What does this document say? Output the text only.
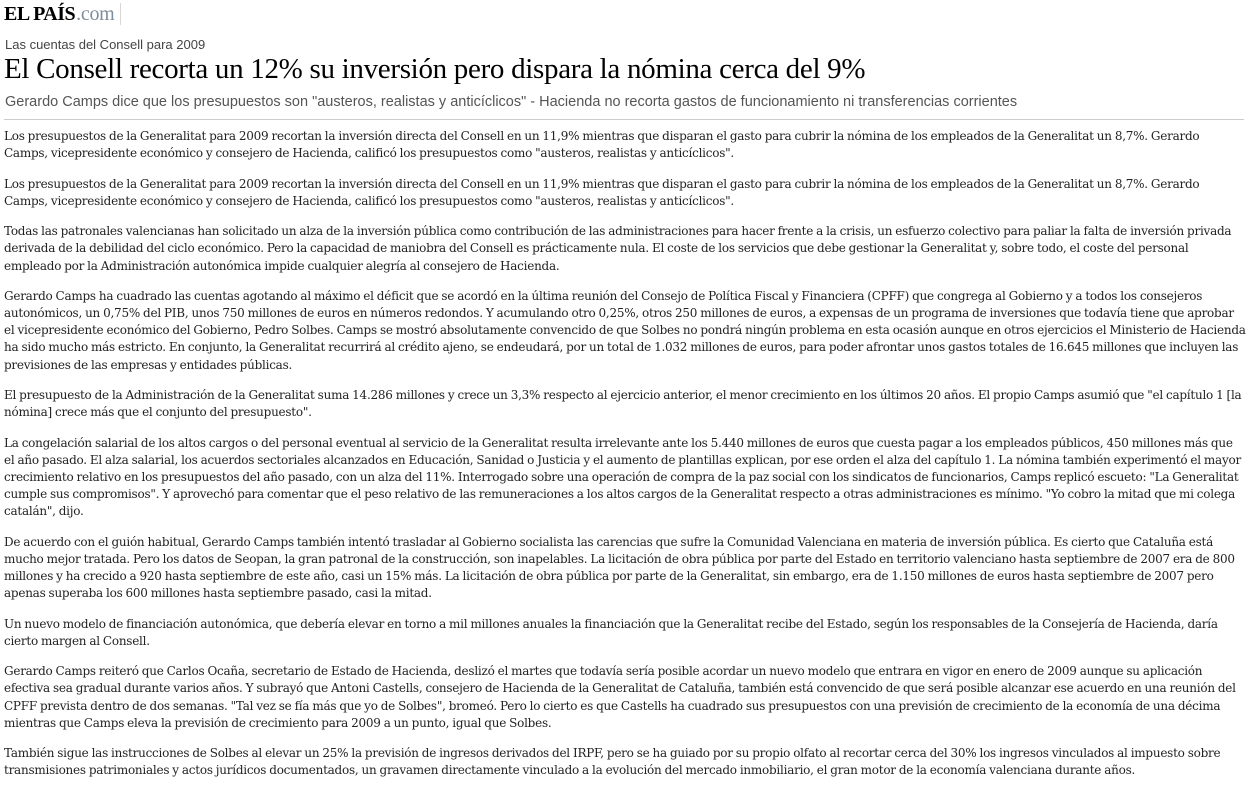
EL PAÍS .com
Las cuentas del Consell para 2009
El Consell recorta un 12% su inversión pero dispara la nómina cerca del 9%
Gerardo Camps dice que los presupuestos son "austeros, realistas y anticíclicos" - Hacienda no recorta gastos de funcionamiento ni transferencias corrientes

Los presupuestos de la Generalitat para 2009 recortan la inversión directa del Consell en un 11,9% mientras que disparan el gasto para cubrir la nómina de los empleados de la Generalitat un 8,7%. Gerardo Camps, vicepresidente económico y consejero de Hacienda, calificó los presupuestos como "austeros, realistas y anticíclicos".

Los presupuestos de la Generalitat para 2009 recortan la inversión directa del Consell en un 11,9% mientras que disparan el gasto para cubrir la nómina de los empleados de la Generalitat un 8,7%. Gerardo Camps, vicepresidente económico y consejero de Hacienda, calificó los presupuestos como "austeros, realistas y anticíclicos".

Todas las patronales valencianas han solicitado un alza de la inversión pública como contribución de las administraciones para hacer frente a la crisis, un esfuerzo colectivo para paliar la falta de inversión privada derivada de la debilidad del ciclo económico. Pero la capacidad de maniobra del Consell es prácticamente nula. El coste de los servicios que debe gestionar la Generalitat y, sobre todo, el coste del personal empleado por la Administración autonómica impide cualquier alegría al consejero de Hacienda.

Gerardo Camps ha cuadrado las cuentas agotando al máximo el déficit que se acordó en la última reunión del Consejo de Política Fiscal y Financiera (CPFF) que congrega al Gobierno y a todos los consejeros autonómicos, un 0,75% del PIB, unos 750 millones de euros en números redondos. Y acumulando otro 0,25%, otros 250 millones de euros, a expensas de un programa de inversiones que todavía tiene que aprobar el vicepresidente económico del Gobierno, Pedro Solbes. Camps se mostró absolutamente convencido de que Solbes no pondrá ningún problema en esta ocasión aunque en otros ejercicios el Ministerio de Hacienda ha sido mucho más estricto. En conjunto, la Generalitat recurrirá al crédito ajeno, se endeudará, por un total de 1.032 millones de euros, para poder afrontar unos gastos totales de 16.645 millones que incluyen las previsiones de las empresas y entidades públicas.

El presupuesto de la Administración de la Generalitat suma 14.286 millones y crece un 3,3% respecto al ejercicio anterior, el menor crecimiento en los últimos 20 años. El propio Camps asumió que "el capítulo 1 [la nómina] crece más que el conjunto del presupuesto".

La congelación salarial de los altos cargos o del personal eventual al servicio de la Generalitat resulta irrelevante ante los 5.440 millones de euros que cuesta pagar a los empleados públicos, 450 millones más que el año pasado. El alza salarial, los acuerdos sectoriales alcanzados en Educación, Sanidad o Justicia y el aumento de plantillas explican, por ese orden el alza del capítulo 1. La nómina también experimentó el mayor crecimiento relativo en los presupuestos del año pasado, con un alza del 11%. Interrogado sobre una operación de compra de la paz social con los sindicatos de funcionarios, Camps replicó escueto: "La Generalitat cumple sus compromisos". Y aprovechó para comentar que el peso relativo de las remuneraciones a los altos cargos de la Generalitat respecto a otras administraciones es mínimo. "Yo cobro la mitad que mi colega catalán", dijo.

De acuerdo con el guión habitual, Gerardo Camps también intentó trasladar al Gobierno socialista las carencias que sufre la Comunidad Valenciana en materia de inversión pública. Es cierto que Cataluña está mucho mejor tratada. Pero los datos de Seopan, la gran patronal de la construcción, son inapelables. La licitación de obra pública por parte del Estado en territorio valenciano hasta septiembre de 2007 era de 800 millones y ha crecido a 920 hasta septiembre de este año, casi un 15% más. La licitación de obra pública por parte de la Generalitat, sin embargo, era de 1.150 millones de euros hasta septiembre de 2007 pero apenas superaba los 600 millones hasta septiembre pasado, casi la mitad.

Un nuevo modelo de financiación autonómica, que debería elevar en torno a mil millones anuales la financiación que la Generalitat recibe del Estado, según los responsables de la Consejería de Hacienda, daría cierto margen al Consell.

Gerardo Camps reiteró que Carlos Ocaña, secretario de Estado de Hacienda, deslizó el martes que todavía sería posible acordar un nuevo modelo que entrara en vigor en enero de 2009 aunque su aplicación efectiva sea gradual durante varios años. Y subrayó que Antoni Castells, consejero de Hacienda de la Generalitat de Cataluña, también está convencido de que será posible alcanzar ese acuerdo en una reunión del CPFF prevista dentro de dos semanas. "Tal vez se fía más que yo de Solbes", bromeó. Pero lo cierto es que Castells ha cuadrado sus presupuestos con una previsión de crecimiento de la economía de una décima mientras que Camps eleva la previsión de crecimiento para 2009 a un punto, igual que Solbes.

También sigue las instrucciones de Solbes al elevar un 25% la previsión de ingresos derivados del IRPF, pero se ha guiado por su propio olfato al recortar cerca del 30% los ingresos vinculados al impuesto sobre transmisiones patrimoniales y actos jurídicos documentados, un gravamen directamente vinculado a la evolución del mercado inmobiliario, el gran motor de la economía valenciana durante años.
